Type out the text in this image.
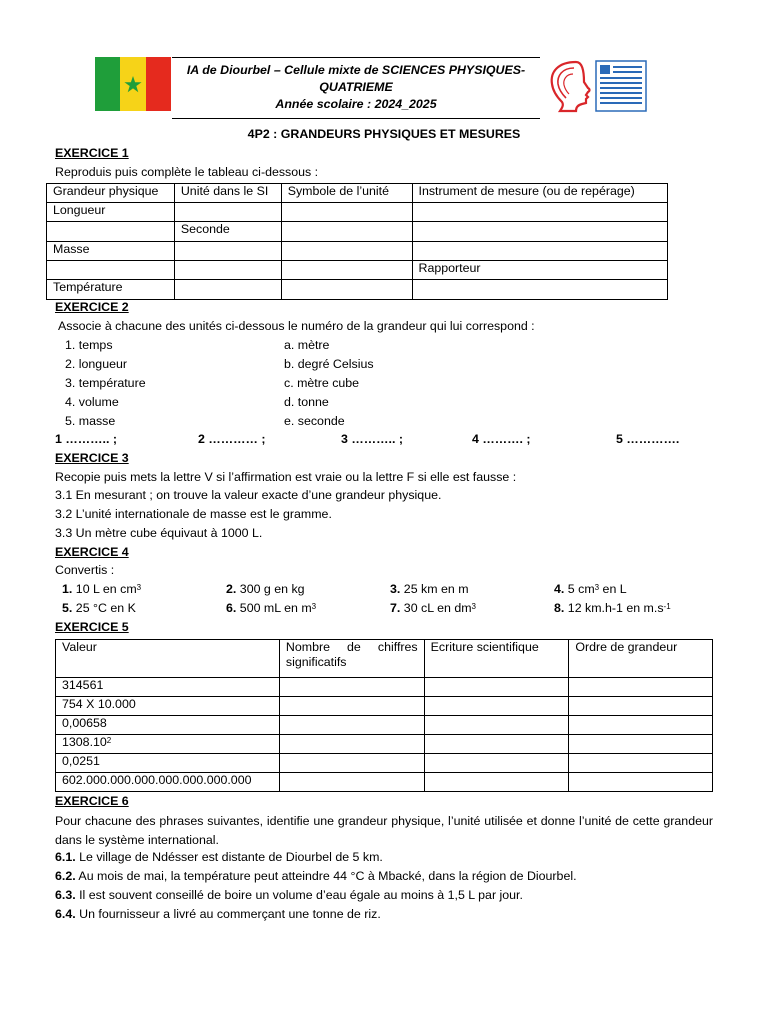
IA de Diourbel – Cellule mixte de SCIENCES PHYSIQUES-
QUATRIEME
Année scolaire : 2024_2025
4P2 : GRANDEURS PHYSIQUES ET MESURES
EXERCICE 1
Reproduis puis complète le tableau ci-dessous :
Grandeur physique	Unité dans le SI	Symbole de l’unité	Instrument de mesure (ou de repérage)
Longueur			
	Seconde		
Masse			
			Rapporteur
Température			
EXERCICE 2
Associe à chacune des unités ci-dessous le numéro de la grandeur qui lui correspond :
1. temps
2. longueur
3. température
4. volume
5. masse
a. mètre
b. degré Celsius
c. mètre cube
d. tonne
e. seconde
1 ……….. ;	2 ………… ;	3 ……….. ;	4 ………. ;	5 ………….
EXERCICE 3
Recopie puis mets la lettre V si l’affirmation est vraie ou la lettre F si elle est fausse :
3.1 En mesurant ; on trouve la valeur exacte d’une grandeur physique.
3.2 L’unité internationale de masse est le gramme.
3.3 Un mètre cube équivaut à 1000 L.
EXERCICE 4
Convertis :
1. 10 L en $cm^3$	2. 300 g en kg	3. 25 km en m	4. 5 $cm^3$ en L
5. 25 °C en K	6. 500 mL en $m^3$	7. 30 cL en $dm^3$	8. 12 km.h-1 en $m.s^{-1}$
EXERCICE 5
Valeur	Nombre de chiffres significatifs	Ecriture scientifique	Ordre de grandeur
314561			
754 X 10.000			
0,00658			
1308.10$^2$			
0,0251			
602.000.000.000.000.000.000.000			
EXERCICE 6
Pour chacune des phrases suivantes, identifie une grandeur physique, l’unité utilisée et donne l’unité de cette grandeur dans le système international.
6.1. Le village de Ndésser est distante de Diourbel de 5 km.
6.2. Au mois de mai, la température peut atteindre 44 °C à Mbacké, dans la région de Diourbel.
6.3. Il est souvent conseillé de boire un volume d’eau égale au moins à 1,5 L par jour.
6.4. Un fournisseur a livré au commerçant une tonne de riz.
